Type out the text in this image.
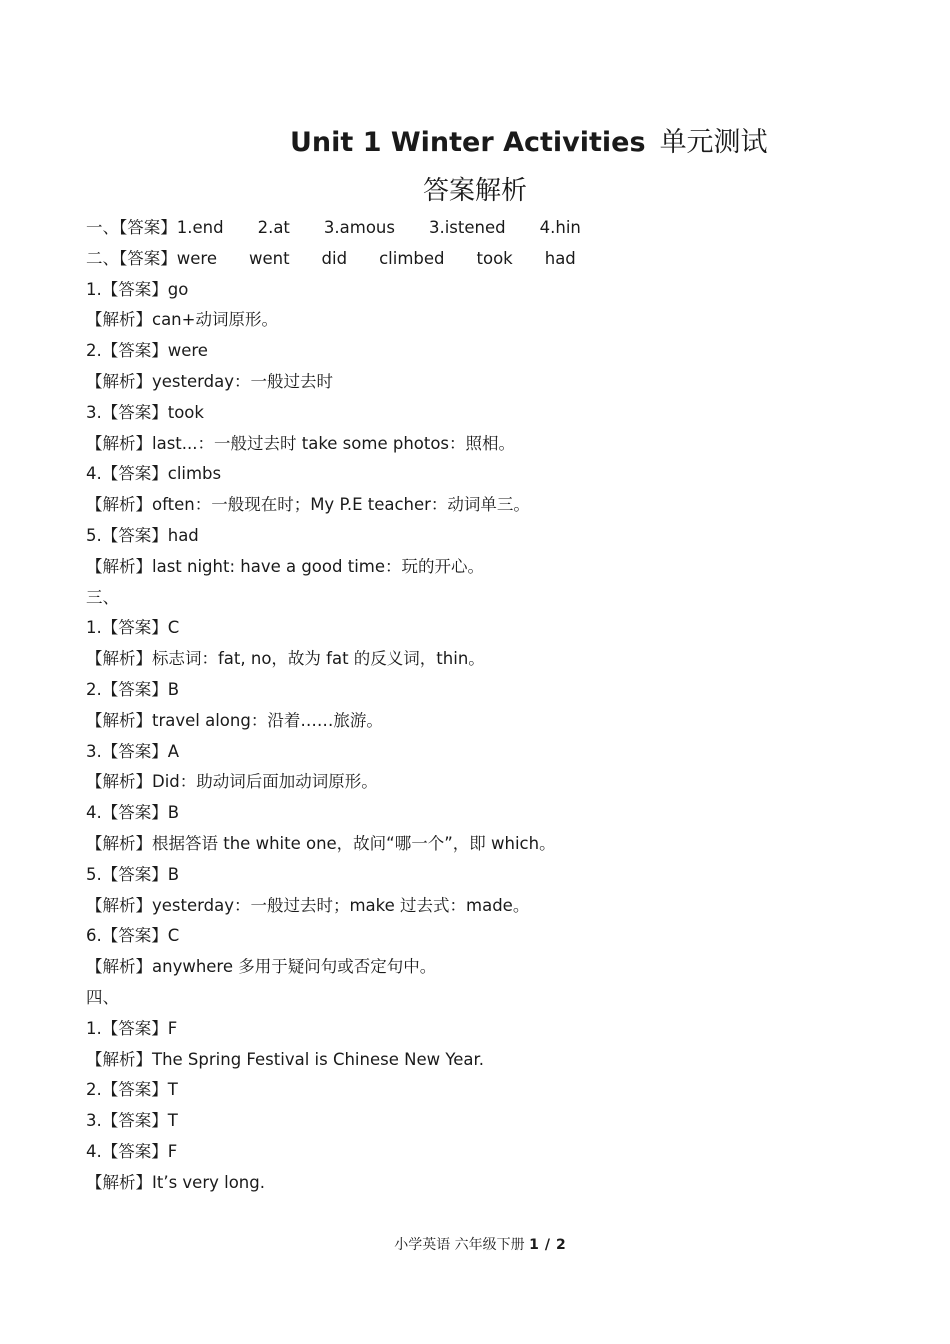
Unit 1 Winter Activities 单元测试
答案解析
一、【答案】1.end 2.at 3.amous 3.istened 4.hin
二、【答案】were went did climbed took had
1.【答案】go
【解析】can+动词原形。
2.【答案】were
【解析】yesterday：一般过去时
3.【答案】took
【解析】last...：一般过去时 take some photos：照相。
4.【答案】climbs
【解析】often：一般现在时；My P.E teacher：动词单三。
5.【答案】had
【解析】last night: have a good time：玩的开心。
三、
1.【答案】C
【解析】标志词：fat, no，故为 fat 的反义词，thin。
2.【答案】B
【解析】travel along：沿着……旅游。
3.【答案】A
【解析】Did：助动词后面加动词原形。
4.【答案】B
【解析】根据答语 the white one，故问“哪一个”，即 which。
5.【答案】B
【解析】yesterday：一般过去时；make 过去式：made。
6.【答案】C
【解析】anywhere 多用于疑问句或否定句中。
四、
1.【答案】F
【解析】The Spring Festival is Chinese New Year.
2.【答案】T
3.【答案】T
4.【答案】F
【解析】It’s very long.
小学英语 六年级下册 1 / 2
